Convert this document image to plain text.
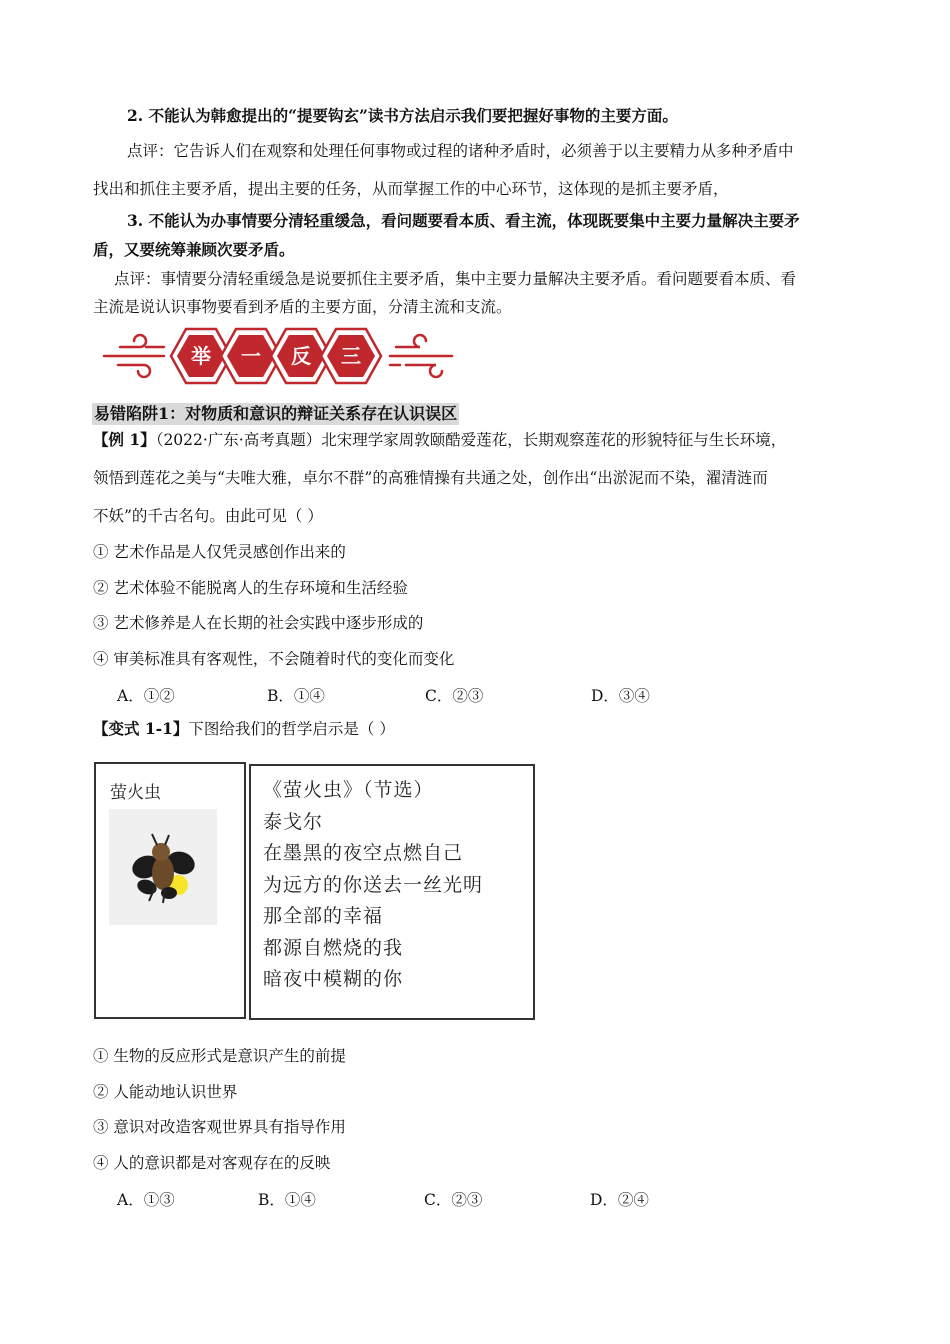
2. 不能认为韩愈提出的“提要钩玄”读书方法启示我们要把握好事物的主要方面。
点评：它告诉人们在观察和处理任何事物或过程的诸种矛盾时，必须善于以主要精力从多种矛盾中
找出和抓住主要矛盾，提出主要的任务，从而掌握工作的中心环节，这体现的是抓主要矛盾，
3. 不能认为办事情要分清轻重缓急，看问题要看本质、看主流，体现既要集中主要力量解决主要矛
盾，又要统筹兼顾次要矛盾。
点评：事情要分清轻重缓急是说要抓住主要矛盾，集中主要力量解决主要矛盾。看问题要看本质、看
主流是说认识事物要看到矛盾的主要方面，分清主流和支流。
举 一 反 三
易错陷阱1：对物质和意识的辩证关系存在认识误区
【例 1】（2022·广东·高考真题）北宋理学家周敦颐酷爱莲花，长期观察莲花的形貌特征与生长环境，
领悟到莲花之美与“夫唯大雅，卓尔不群”的高雅情操有共通之处，创作出“出淤泥而不染，濯清涟而
不妖”的千古名句。由此可见（ ）
① 艺术作品是人仅凭灵感创作出来的
② 艺术体验不能脱离人的生存环境和生活经验
③ 艺术修养是人在长期的社会实践中逐步形成的
④ 审美标准具有客观性，不会随着时代的变化而变化
A．①②	B．①④	C．②③	D．③④
【变式 1-1】下图给我们的哲学启示是（ ）
萤火虫	《萤火虫》（节选）
泰戈尔
在墨黑的夜空点燃自己
为远方的你送去一丝光明
那全部的幸福
都源自燃烧的我
暗夜中模糊的你
① 生物的反应形式是意识产生的前提
② 人能动地认识世界
③ 意识对改造客观世界具有指导作用
④ 人的意识都是对客观存在的反映
A．①③	B．①④	C．②③	D．②④
